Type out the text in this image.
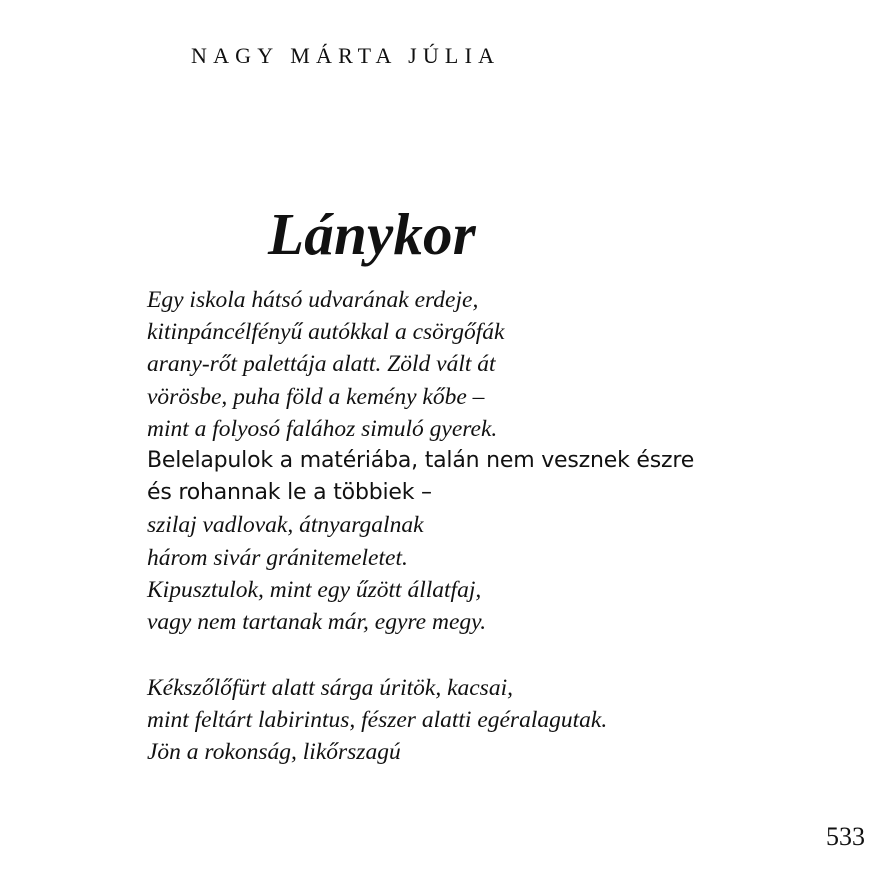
NAGY MÁRTA JÚLIA
Lánykor
Egy iskola hátsó udvarának erdeje,
kitinpáncélfényű autókkal a csörgőfák
arany-rőt palettája alatt. Zöld vált át
vörösbe, puha föld a kemény kőbe –
mint a folyosó falához simuló gyerek.
Belelapulok a matériába, talán nem vesznek észre
és rohannak le a többiek –
szilaj vadlovak, átnyargalnak
három sivár gránitemeletet.
Kipusztulok, mint egy űzött állatfaj,
vagy nem tartanak már, egyre megy.
Kékszőlőfürt alatt sárga úritök, kacsai,
mint feltárt labirintus, fészer alatti egéralagutak.
Jön a rokonság, likőrszagú
533
